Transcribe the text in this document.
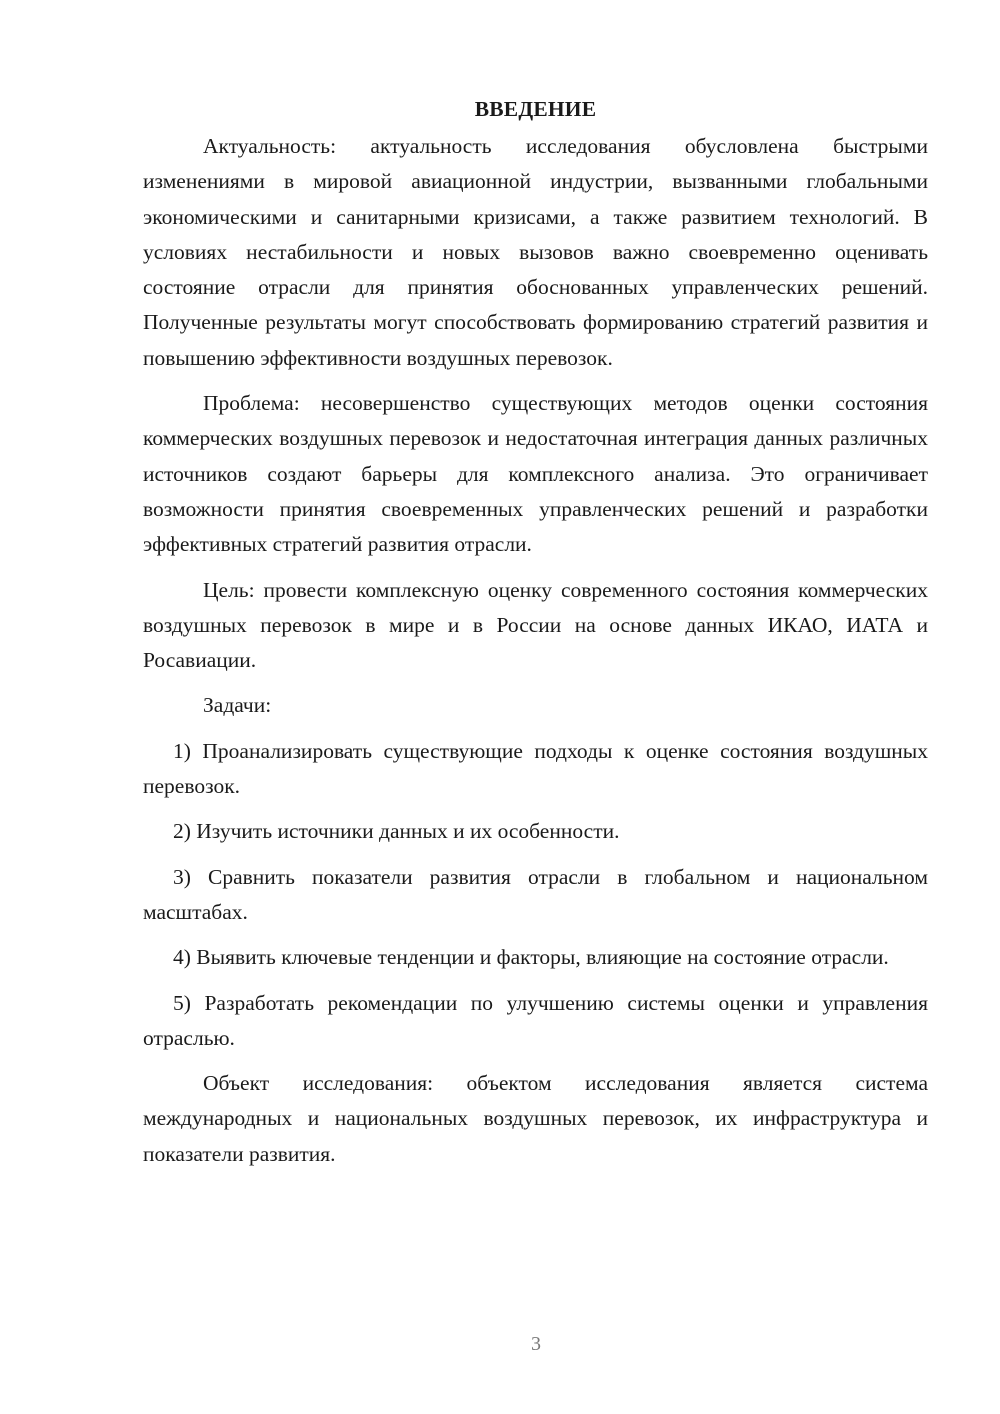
ВВЕДЕНИЕ

Актуальность: актуальность исследования обусловлена быстрыми изменениями в мировой авиационной индустрии, вызванными глобальными экономическими и санитарными кризисами, а также развитием технологий. В условиях нестабильности и новых вызовов важно своевременно оценивать состояние отрасли для принятия обоснованных управленческих решений. Полученные результаты могут способствовать формированию стратегий развития и повышению эффективности воздушных перевозок.

Проблема: несовершенство существующих методов оценки состояния коммерческих воздушных перевозок и недостаточная интеграция данных различных источников создают барьеры для комплексного анализа. Это ограничивает возможности принятия своевременных управленческих решений и разработки эффективных стратегий развития отрасли.

Цель: провести комплексную оценку современного состояния коммерческих воздушных перевозок в мире и в России на основе данных ИКАО, ИАТА и Росавиации.

Задачи:

1) Проанализировать существующие подходы к оценке состояния воздушных перевозок.

2) Изучить источники данных и их особенности.

3) Сравнить показатели развития отрасли в глобальном и национальном масштабах.

4) Выявить ключевые тенденции и факторы, влияющие на состояние отрасли.

5) Разработать рекомендации по улучшению системы оценки и управления отраслью.

Объект исследования: объектом исследования является система международных и национальных воздушных перевозок, их инфраструктура и показатели развития.

3
